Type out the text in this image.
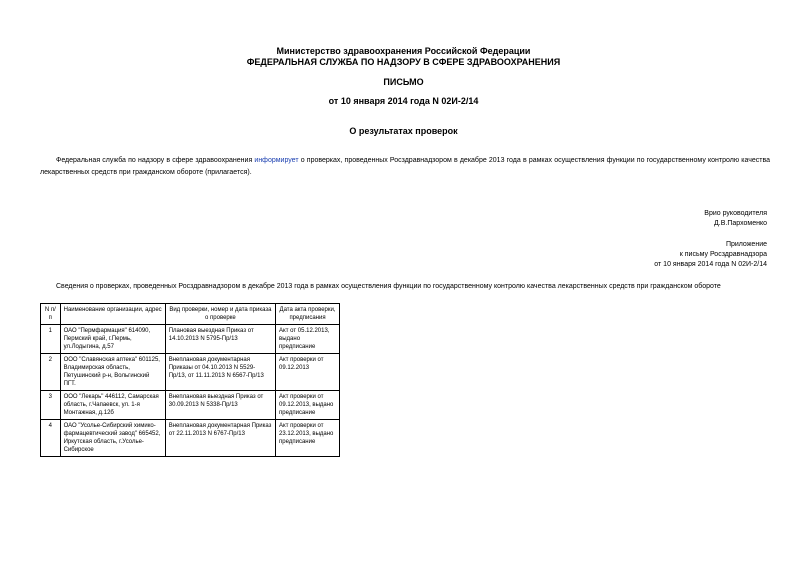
Министерство здравоохранения Российской Федерации
ФЕДЕРАЛЬНАЯ СЛУЖБА ПО НАДЗОРУ В СФЕРЕ ЗДРАВООХРАНЕНИЯ
ПИСЬМО
от 10 января 2014 года N 02И-2/14
О результатах проверок
Федеральная служба по надзору в сфере здравоохранения информирует о проверках, проведенных Росздравнадзором в декабре 2013 года в рамках осуществления функции по государственному контролю качества лекарственных средств при гражданском обороте (прилагается).
Врио руководителя
Д.В.Пархоменко
Приложение
к письму Росздравнадзора
от 10 января 2014 года N 02И-2/14
Сведения о проверках, проведенных Росздравнадзором в декабре 2013 года в рамках осуществления функции по государственному контролю качества лекарственных средств при гражданском обороте
N п/п	Наименование организации, адрес	Вид проверки, номер и дата приказа о проверке	Дата акта проверки, предписания
1	ОАО "Пермфармация" 614090, Пермский край, г.Пермь, ул.Лодыгина, д.57	Плановая выездная Приказ от 14.10.2013 N 5795-Пр/13	Акт от 05.12.2013, выдано предписание
2	ООО "Славянская аптека" 601125, Владимирская область, Петушинский р-н, Вольгинский ПГТ.	Внеплановая документарная Приказы от 04.10.2013 N 5529-Пр/13, от 11.11.2013 N 6567-Пр/13	Акт проверки от 09.12.2013
3	ООО "Лекарь" 446112, Самарская область, г.Чапаевск, ул. 1-я Монтажная, д.12б	Внеплановая выездная Приказ от 30.09.2013 N 5338-Пр/13	Акт проверки от 09.12.2013, выдано предписание
4	ОАО "Усолье-Сибирский химико-фармацевтический завод" 665452, Иркутская область, г.Усолье-Сибирское	Внеплановая документарная Приказ от 22.11.2013 N 6767-Пр/13	Акт проверки от 23.12.2013, выдано предписание
